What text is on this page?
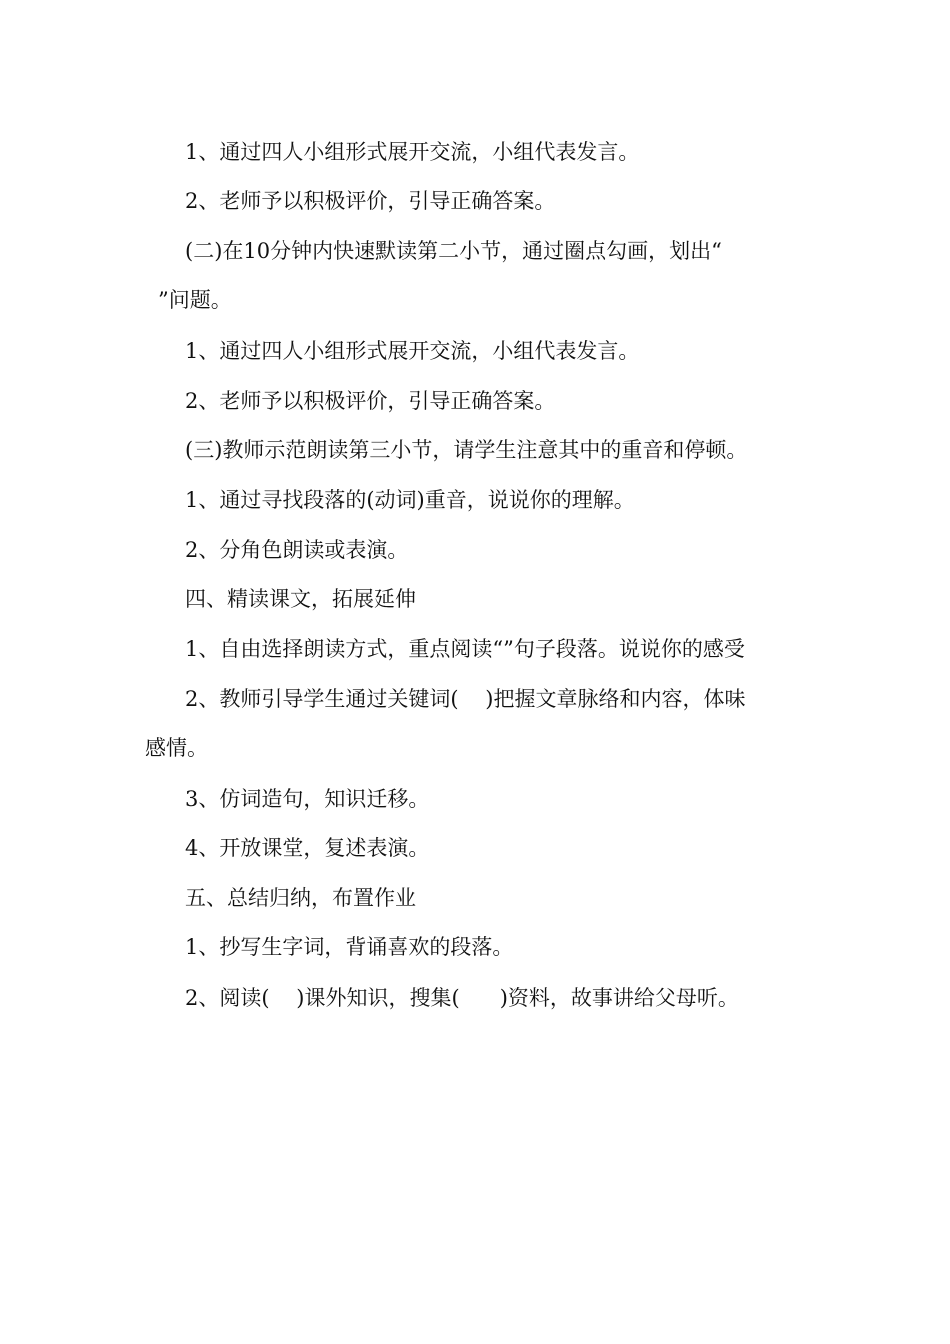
1、通过四人小组形式展开交流，小组代表发言。
2、老师予以积极评价，引导正确答案。
(二)在10分钟内快速默读第二小节，通过圈点勾画，划出“
”问题。
1、通过四人小组形式展开交流，小组代表发言。
2、老师予以积极评价，引导正确答案。
(三)教师示范朗读第三小节，请学生注意其中的重音和停顿。
1、通过寻找段落的(动词)重音，说说你的理解。
2、分角色朗读或表演。
四、精读课文，拓展延伸
1、自由选择朗读方式，重点阅读“”句子段落。说说你的感受
2、教师引导学生通过关键词(    )把握文章脉络和内容，体味
感情。
3、仿词造句，知识迁移。
4、开放课堂，复述表演。
五、总结归纳，布置作业
1、抄写生字词，背诵喜欢的段落。
2、阅读(    )课外知识，搜集(      )资料，故事讲给父母听。
